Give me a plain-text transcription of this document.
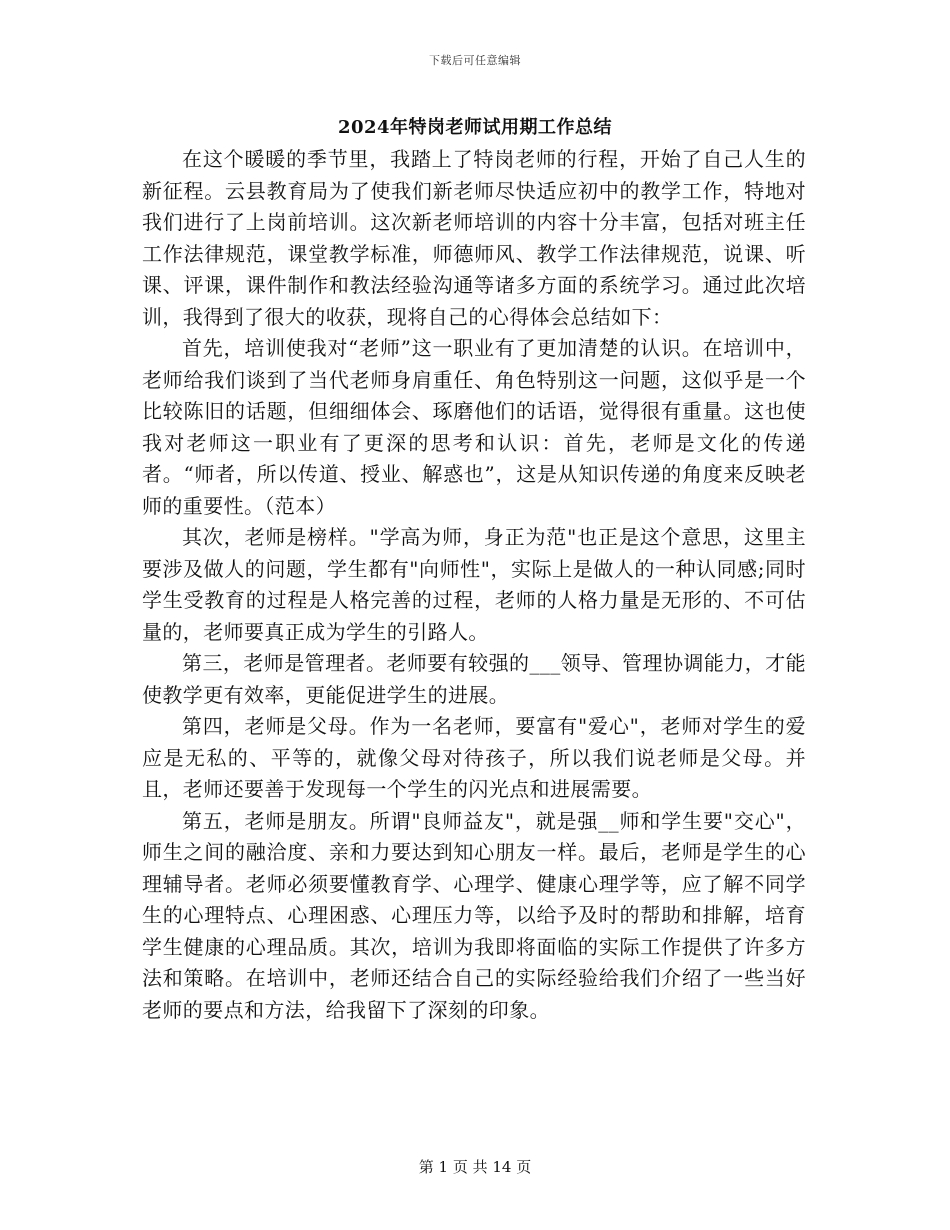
下载后可任意编辑
2024年特岗老师试用期工作总结

在这个暖暖的季节里，我踏上了特岗老师的行程，开始了自己人生的新征程。云县教育局为了使我们新老师尽快适应初中的教学工作，特地对我们进行了上岗前培训。这次新老师培训的内容十分丰富，包括对班主任工作法律规范，课堂教学标准，师德师风、教学工作法律规范，说课、听课、评课，课件制作和教法经验沟通等诸多方面的系统学习。通过此次培训，我得到了很大的收获，现将自己的心得体会总结如下：

首先，培训使我对“老师”这一职业有了更加清楚的认识。在培训中，老师给我们谈到了当代老师身肩重任、角色特别这一问题，这似乎是一个比较陈旧的话题，但细细体会、琢磨他们的话语，觉得很有重量。这也使我对老师这一职业有了更深的思考和认识：首先，老师是文化的传递者。“师者，所以传道、授业、解惑也”，这是从知识传递的角度来反映老师的重要性。（范本）

其次，老师是榜样。"学高为师，身正为范"也正是这个意思，这里主要涉及做人的问题，学生都有"向师性"，实际上是做人的一种认同感;同时学生受教育的过程是人格完善的过程，老师的人格力量是无形的、不可估量的，老师要真正成为学生的引路人。

第三，老师是管理者。老师要有较强的___领导、管理协调能力，才能使教学更有效率，更能促进学生的进展。

第四，老师是父母。作为一名老师，要富有"爱心"，老师对学生的爱应是无私的、平等的，就像父母对待孩子，所以我们说老师是父母。并且，老师还要善于发现每一个学生的闪光点和进展需要。

第五，老师是朋友。所谓"良师益友"，就是强__师和学生要"交心"，师生之间的融洽度、亲和力要达到知心朋友一样。最后，老师是学生的心理辅导者。老师必须要懂教育学、心理学、健康心理学等，应了解不同学生的心理特点、心理困惑、心理压力等，以给予及时的帮助和排解，培育学生健康的心理品质。其次，培训为我即将面临的实际工作提供了许多方法和策略。在培训中，老师还结合自己的实际经验给我们介绍了一些当好老师的要点和方法，给我留下了深刻的印象。

第 1 页 共 14 页
